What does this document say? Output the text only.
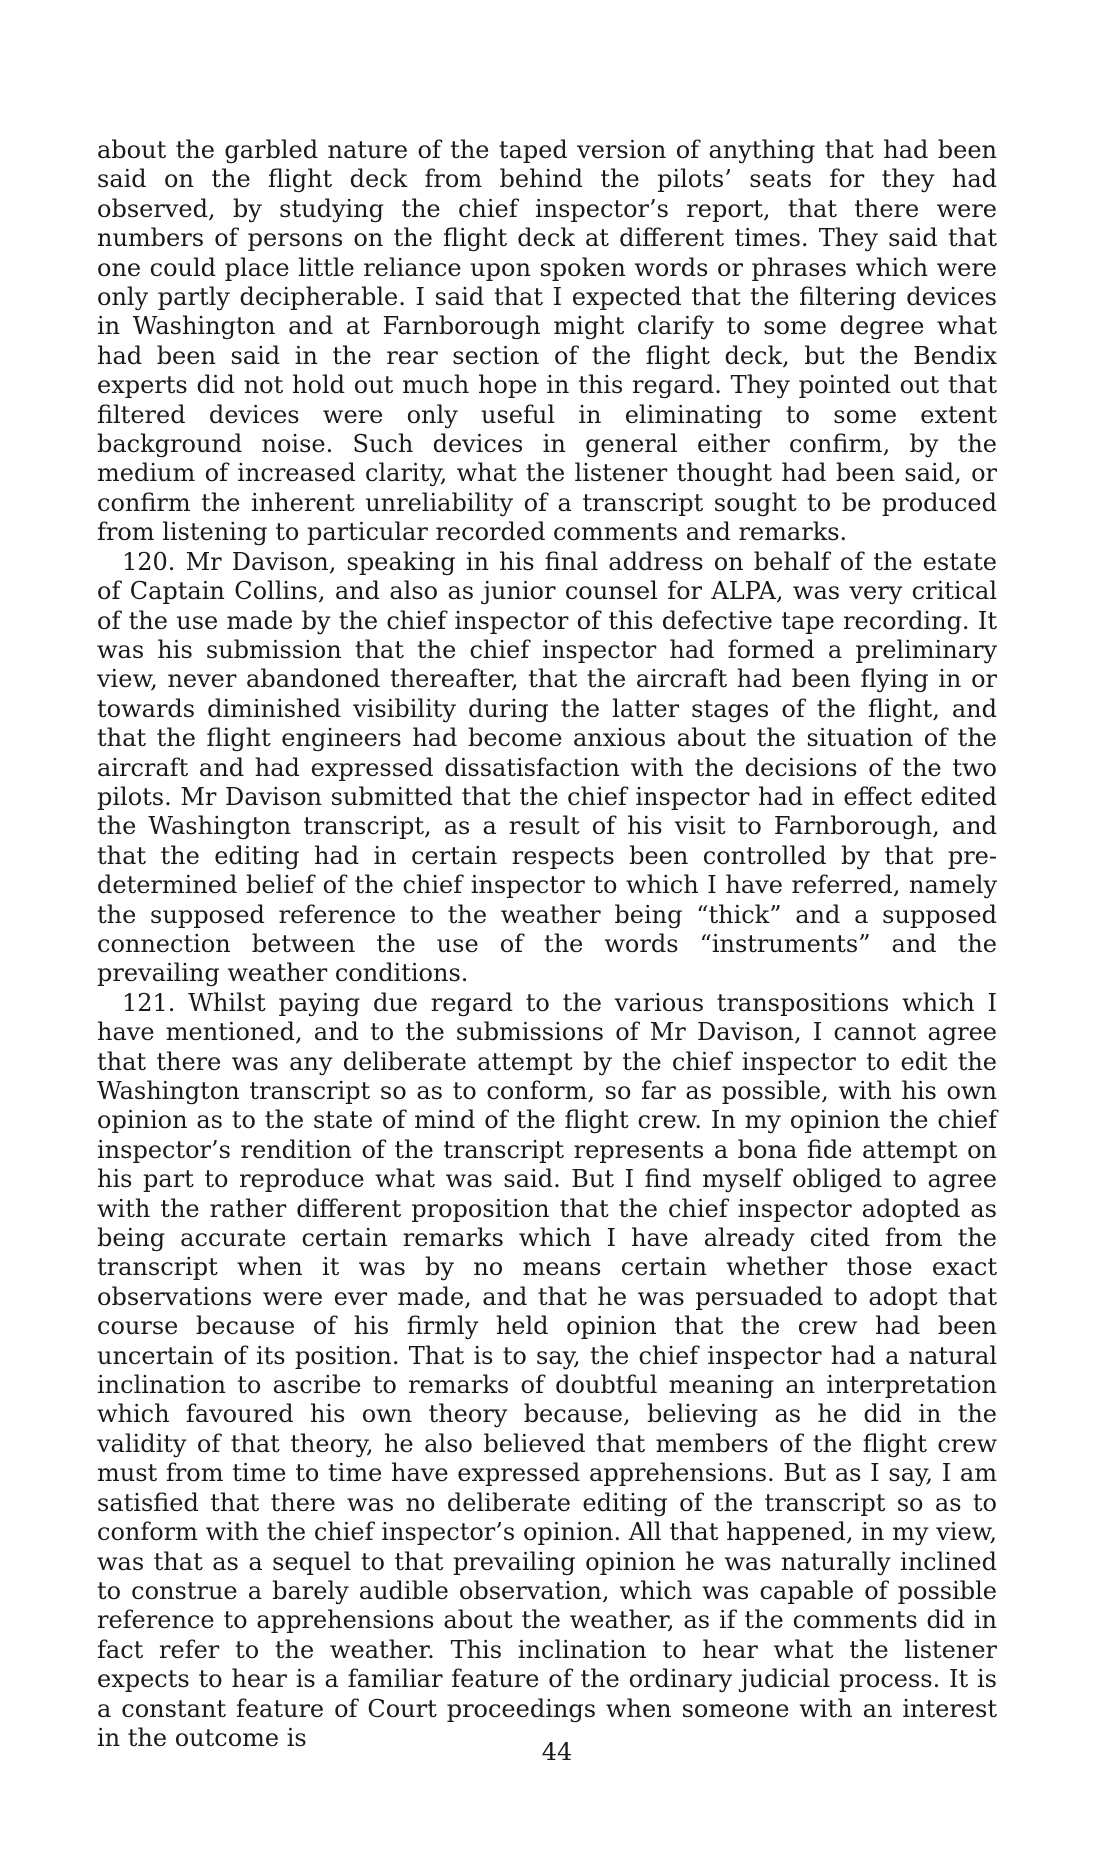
about the garbled nature of the taped version of anything that had been said on the flight deck from behind the pilots’ seats for they had observed, by studying the chief inspector’s report, that there were numbers of persons on the flight deck at different times. They said that one could place little reliance upon spoken words or phrases which were only partly decipherable. I said that I expected that the filtering devices in Washington and at Farnborough might clarify to some degree what had been said in the rear section of the flight deck, but the Bendix experts did not hold out much hope in this regard. They pointed out that filtered devices were only useful in eliminating to some extent background noise. Such devices in general either confirm, by the medium of increased clarity, what the listener thought had been said, or confirm the inherent unreliability of a transcript sought to be produced from listening to particular recorded comments and remarks.

120. Mr Davison, speaking in his final address on behalf of the estate of Captain Collins, and also as junior counsel for ALPA, was very critical of the use made by the chief inspector of this defective tape recording. It was his submission that the chief inspector had formed a preliminary view, never abandoned thereafter, that the aircraft had been flying in or towards diminished visibility during the latter stages of the flight, and that the flight engineers had become anxious about the situation of the aircraft and had expressed dissatisfaction with the decisions of the two pilots. Mr Davison submitted that the chief inspector had in effect edited the Washington transcript, as a result of his visit to Farnborough, and that the editing had in certain respects been controlled by that pre-determined belief of the chief inspector to which I have referred, namely the supposed reference to the weather being “thick” and a supposed connection between the use of the words “instruments” and the prevailing weather conditions.

121. Whilst paying due regard to the various transpositions which I have mentioned, and to the submissions of Mr Davison, I cannot agree that there was any deliberate attempt by the chief inspector to edit the Washington transcript so as to conform, so far as possible, with his own opinion as to the state of mind of the flight crew. In my opinion the chief inspector’s rendition of the transcript represents a bona fide attempt on his part to reproduce what was said. But I find myself obliged to agree with the rather different proposition that the chief inspector adopted as being accurate certain remarks which I have already cited from the transcript when it was by no means certain whether those exact observations were ever made, and that he was persuaded to adopt that course because of his firmly held opinion that the crew had been uncertain of its position. That is to say, the chief inspector had a natural inclination to ascribe to remarks of doubtful meaning an interpretation which favoured his own theory because, believing as he did in the validity of that theory, he also believed that members of the flight crew must from time to time have expressed apprehensions. But as I say, I am satisfied that there was no deliberate editing of the transcript so as to conform with the chief inspector’s opinion. All that happened, in my view, was that as a sequel to that prevailing opinion he was naturally inclined to construe a barely audible observation, which was capable of possible reference to apprehensions about the weather, as if the comments did in fact refer to the weather. This inclination to hear what the listener expects to hear is a familiar feature of the ordinary judicial process. It is a constant feature of Court proceedings when someone with an interest in the outcome is

44
